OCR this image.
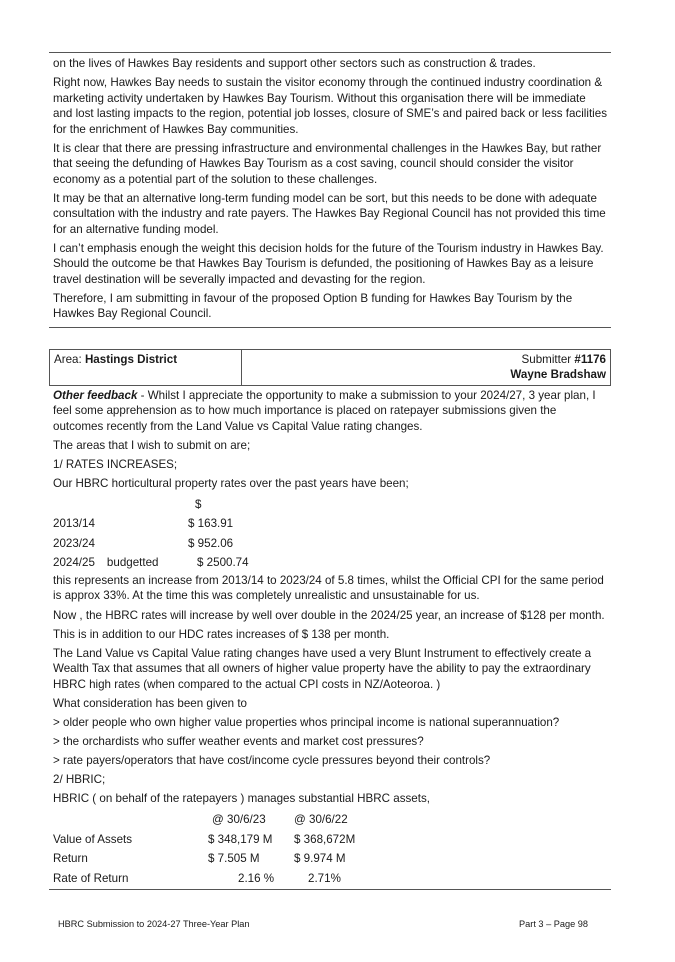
on the lives of Hawkes Bay residents and support other sectors such as construction & trades.

Right now, Hawkes Bay needs to sustain the visitor economy through the continued industry coordination & marketing activity undertaken by Hawkes Bay Tourism. Without this organisation there will be immediate and lost lasting impacts to the region, potential job losses, closure of SME’s and paired back or less facilities for the enrichment of Hawkes Bay communities.

It is clear that there are pressing infrastructure and environmental challenges in the Hawkes Bay, but rather that seeing the defunding of Hawkes Bay Tourism as a cost saving, council should consider the visitor economy as a potential part of the solution to these challenges.

It may be that an alternative long-term funding model can be sort, but this needs to be done with adequate consultation with the industry and rate payers. The Hawkes Bay Regional Council has not provided this time for an alternative funding model.

I can’t emphasis enough the weight this decision holds for the future of the Tourism industry in Hawkes Bay. Should the outcome be that Hawkes Bay Tourism is defunded, the positioning of Hawkes Bay as a leisure travel destination will be severally impacted and devasting for the region.

Therefore, I am submitting in favour of the proposed Option B funding for Hawkes Bay Tourism by the Hawkes Bay Regional Council.

Area: Hastings District	Submitter #1176
Wayne Bradshaw

Other feedback - Whilst I appreciate the opportunity to make a submission to your 2024/27, 3 year plan, I feel some apprehension as to how much importance is placed on ratepayer submissions given the outcomes recently from the Land Value vs Capital Value rating changes.

The areas that I wish to submit on are;

1/ RATES INCREASES;

Our HBRC horticultural property rates over the past years have been;

	$
2013/14	$ 163.91
2023/24	$ 952.06
2024/25 budgetted	$ 2500.74

this represents an increase from 2013/14 to 2023/24 of 5.8 times, whilst the Official CPI for the same period is approx 33%. At the time this was completely unrealistic and unsustainable for us.

Now , the HBRC rates will increase by well over double in the 2024/25 year, an increase of $128 per month.

This is in addition to our HDC rates increases of $ 138 per month.

The Land Value vs Capital Value rating changes have used a very Blunt Instrument to effectively create a Wealth Tax that assumes that all owners of higher value property have the ability to pay the extraordinary HBRC high rates (when compared to the actual CPI costs in NZ/Aoteoroa. )

What consideration has been given to

> older people who own higher value properties whos principal income is national superannuation?

> the orchardists who suffer weather events and market cost pressures?

> rate payers/operators that have cost/income cycle pressures beyond their controls?

2/ HBRIC;

HBRIC ( on behalf of the ratepayers ) manages substantial HBRC assets,

	@ 30/6/23	@ 30/6/22
Value of Assets	$ 348,179 M	$ 368,672M
Return	$ 7.505 M	$ 9.974 M
Rate of Return	2.16 %	2.71%
HBRC Submission to 2024-27 Three-Year Plan	Part 3 – Page 98
